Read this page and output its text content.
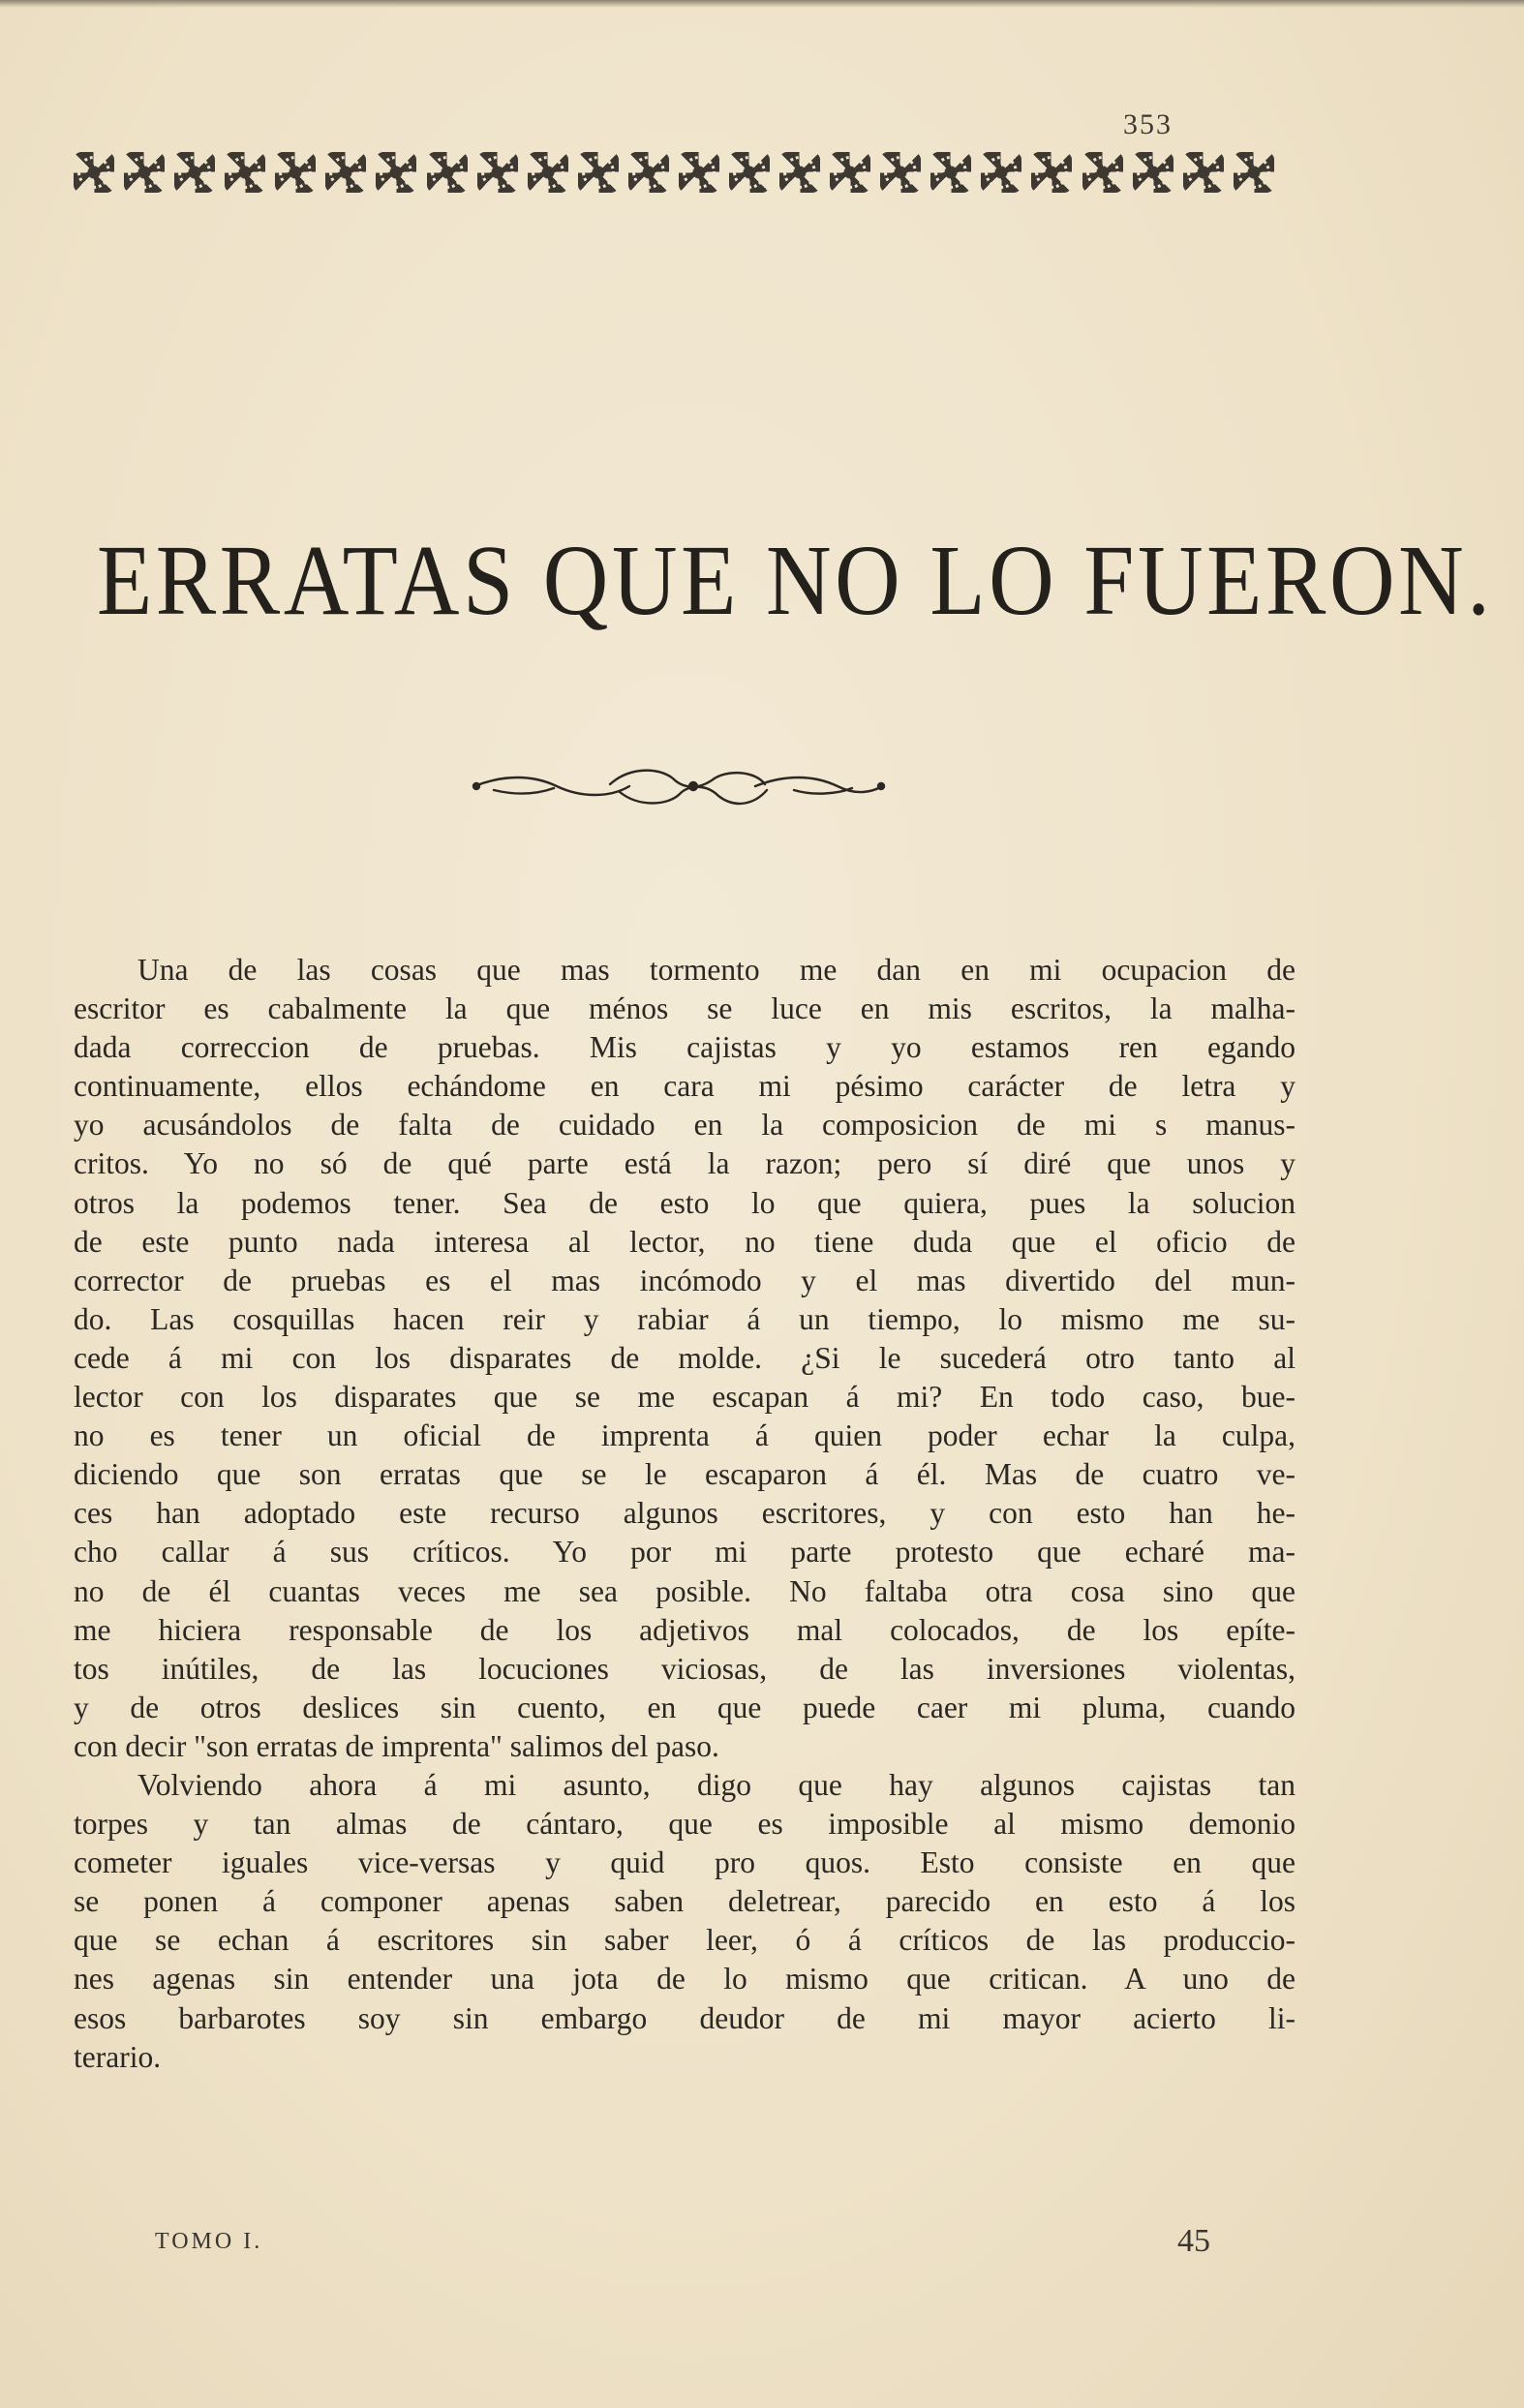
353
ERRATAS QUE NO LO FUERON.
Una de las cosas que mas tormento me dan en mi ocupacion de
escritor es cabalmente la que ménos se luce en mis escritos, la malha-
dada correccion de pruebas. Mis cajistas y yo estamos ren egando
continuamente, ellos echándome en cara mi pésimo carácter de letra y
yo acusándolos de falta de cuidado en la composicion de mi s manus-
critos. Yo no só de qué parte está la razon; pero sí diré que unos y
otros la podemos tener. Sea de esto lo que quiera, pues la solucion
de este punto nada interesa al lector, no tiene duda que el oficio de
corrector de pruebas es el mas incómodo y el mas divertido del mun-
do. Las cosquillas hacen reir y rabiar á un tiempo, lo mismo me su-
cede á mi con los disparates de molde. ¿Si le sucederá otro tanto al
lector con los disparates que se me escapan á mi? En todo caso, bue-
no es tener un oficial de imprenta á quien poder echar la culpa,
diciendo que son erratas que se le escaparon á él. Mas de cuatro ve-
ces han adoptado este recurso algunos escritores, y con esto han he-
cho callar á sus críticos. Yo por mi parte protesto que echaré ma-
no de él cuantas veces me sea posible. No faltaba otra cosa sino que
me hiciera responsable de los adjetivos mal colocados, de los epíte-
tos inútiles, de las locuciones viciosas, de las inversiones violentas,
y de otros deslices sin cuento, en que puede caer mi pluma, cuando
con decir "son erratas de imprenta" salimos del paso.
Volviendo ahora á mi asunto, digo que hay algunos cajistas tan
torpes y tan almas de cántaro, que es imposible al mismo demonio
cometer iguales vice-versas y quid pro quos. Esto consiste en que
se ponen á componer apenas saben deletrear, parecido en esto á los
que se echan á escritores sin saber leer, ó á críticos de las produccio-
nes agenas sin entender una jota de lo mismo que critican. A uno de
esos barbarotes soy sin embargo deudor de mi mayor acierto li-
terario.
TOMO I.	45
